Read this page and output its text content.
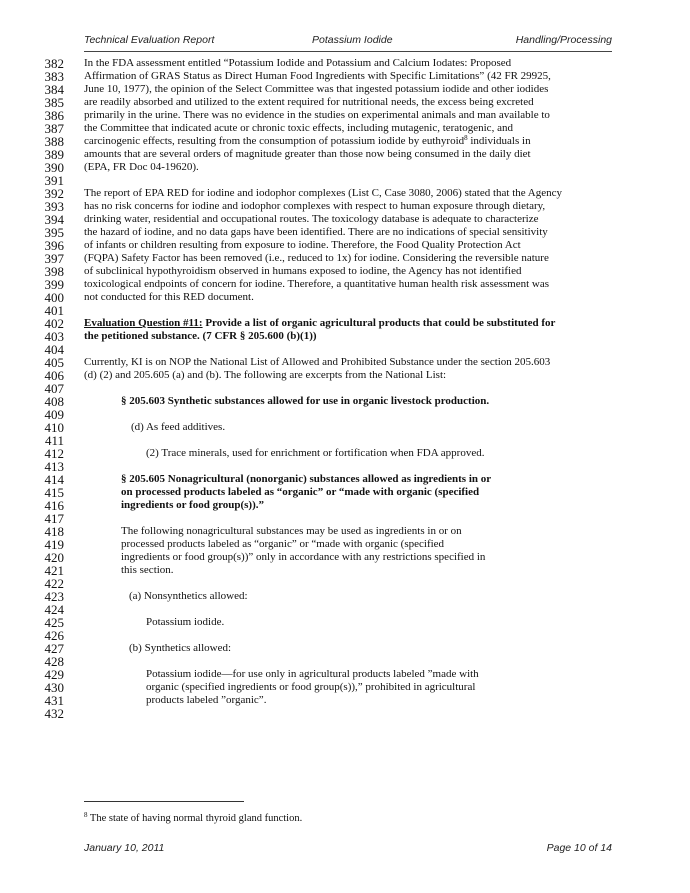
Technical Evaluation Report	Potassium Iodide	Handling/Processing
382
383
384
385
386
387
388
389
390
391
392
393
394
395
396
397
398
399
400
401
402
403
404
405
406
407
408
409
410
411
412
413
414
415
416
417
418
419
420
421
422
423
424
425
426
427
428
429
430
431
432
In the FDA assessment entitled “Potassium Iodide and Potassium and Calcium Iodates: Proposed
Affirmation of GRAS Status as Direct Human Food Ingredients with Specific Limitations” (42 FR 29925,
June 10, 1977), the opinion of the Select Committee was that ingested potassium iodide and other iodides
are readily absorbed and utilized to the extent required for nutritional needs, the excess being excreted
primarily in the urine. There was no evidence in the studies on experimental animals and man available to
the Committee that indicated acute or chronic toxic effects, including mutagenic, teratogenic, and
carcinogenic effects, resulting from the consumption of potassium iodide by euthyroid$^8$ individuals in
amounts that are several orders of magnitude greater than those now being consumed in the daily diet
(EPA, FR Doc 04-19620).
The report of EPA RED for iodine and iodophor complexes (List C, Case 3080, 2006) stated that the Agency
has no risk concerns for iodine and iodophor complexes with respect to human exposure through dietary,
drinking water, residential and occupational routes. The toxicology database is adequate to characterize
the hazard of iodine, and no data gaps have been identified. There are no indications of special sensitivity
of infants or children resulting from exposure to iodine. Therefore, the Food Quality Protection Act
(FQPA) Safety Factor has been removed (i.e., reduced to 1x) for iodine. Considering the reversible nature
of subclinical hypothyroidism observed in humans exposed to iodine, the Agency has not identified
toxicological endpoints of concern for iodine. Therefore, a quantitative human health risk assessment was
not conducted for this RED document.
Evaluation Question #11: Provide a list of organic agricultural products that could be substituted for
the petitioned substance. (7 CFR § 205.600 (b)(1))
Currently, KI is on NOP the National List of Allowed and Prohibited Substance under the section 205.603
(d) (2) and 205.605 (a) and (b). The following are excerpts from the National List:
§ 205.603 Synthetic substances allowed for use in organic livestock production.
(d) As feed additives.
(2) Trace minerals, used for enrichment or fortification when FDA approved.
§ 205.605 Nonagricultural (nonorganic) substances allowed as ingredients in or
on processed products labeled as “organic” or “made with organic (specified
ingredients or food group(s)).”
The following nonagricultural substances may be used as ingredients in or on
processed products labeled as “organic” or “made with organic (specified
ingredients or food group(s))” only in accordance with any restrictions specified in
this section.
(a) Nonsynthetics allowed:
Potassium iodide.
(b) Synthetics allowed:
Potassium iodide—for use only in agricultural products labeled ”made with
organic (specified ingredients or food group(s)),” prohibited in agricultural
products labeled ”organic”.
$^8$ The state of having normal thyroid gland function.
January 10, 2011	Page 10 of 14
